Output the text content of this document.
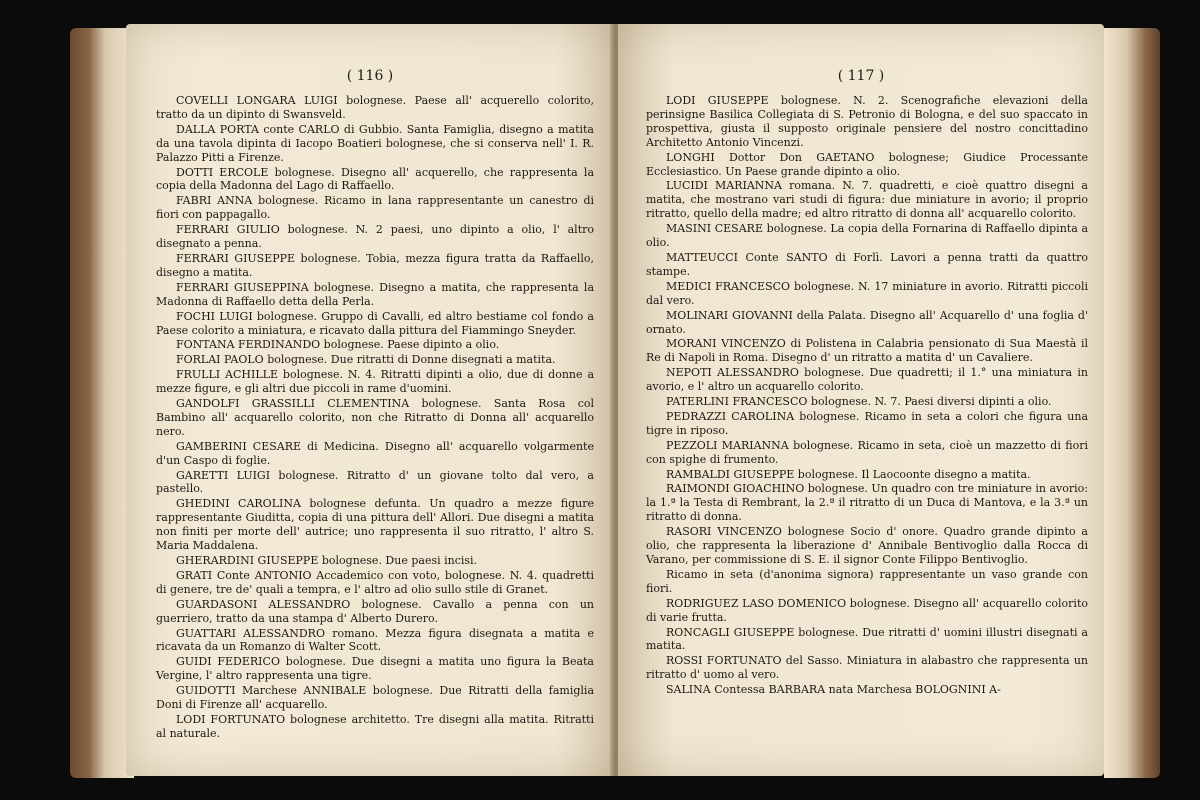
( 116 )
COVELLI LONGARA LUIGI bolognese. Paese all' acquerello colorito, tratto da un dipinto di Swansveld.
DALLA PORTA conte CARLO di Gubbio. Santa Famiglia, disegno a matita da una tavola dipinta di Iacopo Boatieri bolognese, che si conserva nell' I. R. Palazzo Pitti a Firenze.
DOTTI ERCOLE bolognese. Disegno all' acquerello, che rappresenta la copia della Madonna del Lago di Raffaello.
FABRI ANNA bolognese. Ricamo in lana rappresentante un canestro di fiori con pappagallo.
FERRARI GIULIO bolognese. N. 2 paesi, uno dipinto a olio, l' altro disegnato a penna.
FERRARI GIUSEPPE bolognese. Tobia, mezza figura tratta da Raffaello, disegno a matita.
FERRARI GIUSEPPINA bolognese. Disegno a matita, che rappresenta la Madonna di Raffaello detta della Perla.
FOCHI LUIGI bolognese. Gruppo di Cavalli, ed altro bestiame col fondo a Paese colorito a miniatura, e ricavato dalla pittura del Fiammingo Sneyder.
FONTANA FERDINANDO bolognese. Paese dipinto a olio.
FORLAI PAOLO bolognese. Due ritratti di Donne disegnati a matita.
FRULLI ACHILLE bolognese. N. 4. Ritratti dipinti a olio, due di donne a mezze figure, e gli altri due piccoli in rame d'uomini.
GANDOLFI GRASSILLI CLEMENTINA bolognese. Santa Rosa col Bambino all' acquarello colorito, non che Ritratto di Donna all' acquarello nero.
GAMBERINI CESARE di Medicina. Disegno all' acquarello volgarmente d'un Caspo di foglie.
GARETTI LUIGI bolognese. Ritratto d' un giovane tolto dal vero, a pastello.
GHEDINI CAROLINA bolognese defunta. Un quadro a mezze figure rappresentante Giuditta, copia di una pittura dell' Allori. Due disegni a matita non finiti per morte dell' autrice; uno rappresenta il suo ritratto, l' altro S. Maria Maddalena.
GHERARDINI GIUSEPPE bolognese. Due paesi incisi.
GRATI Conte ANTONIO Accademico con voto, bolognese. N. 4. quadretti di genere, tre de' quali a tempra, e l' altro ad olio sullo stile di Granet.
GUARDASONI ALESSANDRO bolognese. Cavallo a penna con un guerriero, tratto da una stampa d' Alberto Durero.
GUATTARI ALESSANDRO romano. Mezza figura disegnata a matita e ricavata da un Romanzo di Walter Scott.
GUIDI FEDERICO bolognese. Due disegni a matita uno figura la Beata Vergine, l' altro rappresenta una tigre.
GUIDOTTI Marchese ANNIBALE bolognese. Due Ritratti della famiglia Doni di Firenze all' acquarello.
LODI FORTUNATO bolognese architetto. Tre disegni alla matita. Ritratti al naturale.
( 117 )
LODI GIUSEPPE bolognese. N. 2. Scenografiche elevazioni della perinsigne Basilica Collegiata di S. Petronio di Bologna, e del suo spaccato in prospettiva, giusta il supposto originale pensiere del nostro concittadino Architetto Antonio Vincenzi.
LONGHI Dottor Don GAETANO bolognese; Giudice Processante Ecclesiastico. Un Paese grande dipinto a olio.
LUCIDI MARIANNA romana. N. 7. quadretti, e cioè quattro disegni a matita, che mostrano vari studi di figura: due miniature in avorio; il proprio ritratto, quello della madre; ed altro ritratto di donna all' acquarello colorito.
MASINI CESARE bolognese. La copia della Fornarina di Raffaello dipinta a olio.
MATTEUCCI Conte SANTO di Forlì. Lavori a penna tratti da quattro stampe.
MEDICI FRANCESCO bolognese. N. 17 miniature in avorio. Ritratti piccoli dal vero.
MOLINARI GIOVANNI della Palata. Disegno all' Acquarello d' una foglia d' ornato.
MORANI VINCENZO di Polistena in Calabria pensionato di Sua Maestà il Re di Napoli in Roma. Disegno d' un ritratto a matita d' un Cavaliere.
NEPOTI ALESSANDRO bolognese. Due quadretti; il 1.° una miniatura in avorio, e l' altro un acquarello colorito.
PATERLINI FRANCESCO bolognese. N. 7. Paesi diversi dipinti a olio.
PEDRAZZI CAROLINA bolognese. Ricamo in seta a colori che figura una tigre in riposo.
PEZZOLI MARIANNA bolognese. Ricamo in seta, cioè un mazzetto di fiori con spighe di frumento.
RAMBALDI GIUSEPPE bolognese. Il Laocoonte disegno a matita.
RAIMONDI GIOACHINO bolognese. Un quadro con tre miniature in avorio: la 1.ª la Testa di Rembrant, la 2.ª il ritratto di un Duca di Mantova, e la 3.ª un ritratto di donna.
RASORI VINCENZO bolognese Socio d' onore. Quadro grande dipinto a olio, che rappresenta la liberazione d' Annibale Bentivoglio dalla Rocca di Varano, per commissione di S. E. il signor Conte Filippo Bentivoglio.
Ricamo in seta (d'anonima signora) rappresentante un vaso grande con fiori.
RODRIGUEZ LASO DOMENICO bolognese. Disegno all' acquarello colorito di varie frutta.
RONCAGLI GIUSEPPE bolognese. Due ritratti d' uomini illustri disegnati a matita.
ROSSI FORTUNATO del Sasso. Miniatura in alabastro che rappresenta un ritratto d' uomo al vero.
SALINA Contessa BARBARA nata Marchesa BOLOGNINI A-
